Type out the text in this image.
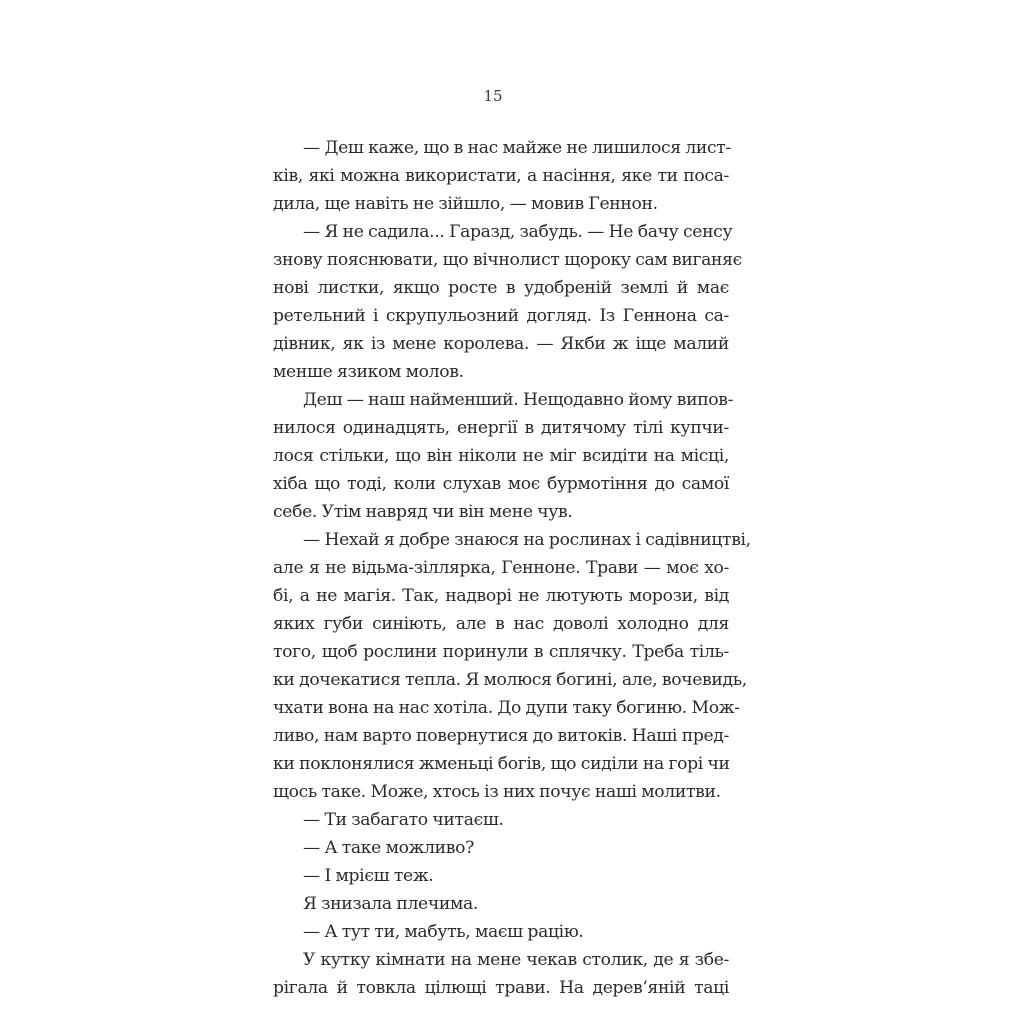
15
— Деш каже, що в нас майже не лишилося лист-
ків, які можна використати, а насіння, яке ти поса-
дила, ще навіть не зійшло, — мовив Геннон.
— Я не садила... Гаразд, забудь. — Не бачу сенсу
знову пояснювати, що вічнолист щороку сам виганяє
нові листки, якщо росте в удобреній землі й має
ретельний і скрупульозний догляд. Із Геннона са-
дівник, як із мене королева. — Якби ж іще малий
менше язиком молов.
Деш — наш найменший. Нещодавно йому випов-
нилося одинадцять, енергії в дитячому тілі купчи-
лося стільки, що він ніколи не міг всидіти на місці,
хіба що тоді, коли слухав моє бурмотіння до самої
себе. Утім навряд чи він мене чув.
— Нехай я добре знаюся на рослинах і садівництві,
але я не відьма-зіллярка, Генноне. Трави — моє хо-
бі, а не магія. Так, надворі не лютують морози, від
яких губи синіють, але в нас доволі холодно для
того, щоб рослини поринули в сплячку. Треба тіль-
ки дочекатися тепла. Я молюся богині, але, вочевидь,
чхати вона на нас хотіла. До дупи таку богиню. Мож-
ливо, нам варто повернутися до витоків. Наші пред-
ки поклонялися жменьці богів, що сиділи на горі чи
щось таке. Може, хтось із них почує наші молитви.
— Ти забагато читаєш.
— А таке можливо?
— І мрієш теж.
Я знизала плечима.
— А тут ти, мабуть, маєш рацію.
У кутку кімнати на мене чекав столик, де я збе-
рігала й товкла цілющі трави. На дерев’яній таці
